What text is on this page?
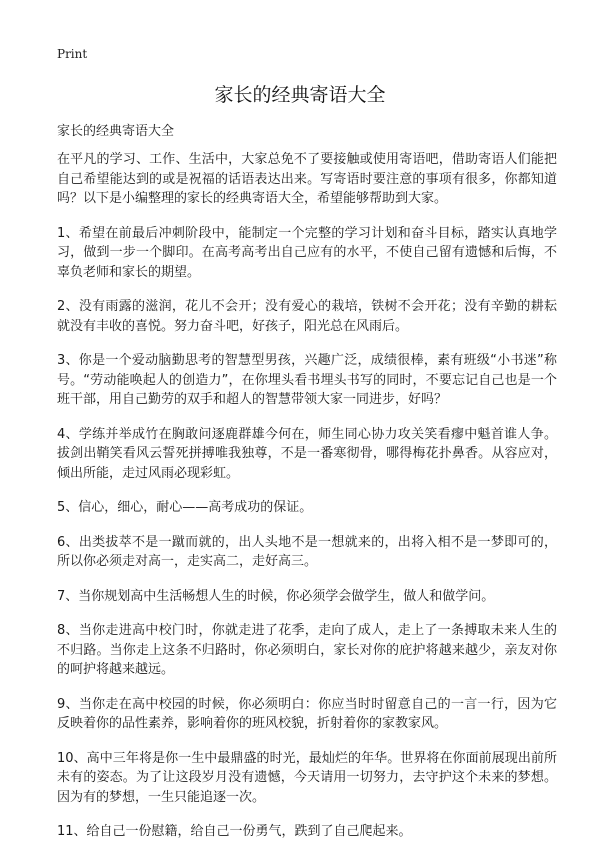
Print
家长的经典寄语大全

家长的经典寄语大全

在平凡的学习、工作、生活中，大家总免不了要接触或使用寄语吧，借助寄语人们能把自己希望能达到的或是祝福的话语表达出来。写寄语时要注意的事项有很多，你都知道吗？以下是小编整理的家长的经典寄语大全，希望能够帮助到大家。

1、希望在前最后冲刺阶段中，能制定一个完整的学习计划和奋斗目标，踏实认真地学习，做到一步一个脚印。在高考高考出自己应有的水平，不使自己留有遗憾和后悔，不辜负老师和家长的期望。

2、没有雨露的滋润，花儿不会开；没有爱心的栽培，铁树不会开花；没有辛勤的耕耘就没有丰收的喜悦。努力奋斗吧，好孩子，阳光总在风雨后。

3、你是一个爱动脑勤思考的智慧型男孩，兴趣广泛，成绩很棒，素有班级“小书迷”称号。“劳动能唤起人的创造力”，在你埋头看书埋头书写的同时，不要忘记自己也是一个班干部，用自己勤劳的双手和超人的智慧带领大家一同进步，好吗？

4、学练并举成竹在胸敢问逐鹿群雄今何在，师生同心协力攻关笑看瘳中魁首谁人争。拔剑出鞘笑看风云誓死拼搏唯我独尊，不是一番寒彻骨，哪得梅花扑鼻香。从容应对，倾出所能，走过风雨必现彩虹。

5、信心，细心，耐心——高考成功的保证。

6、出类拔萃不是一蹴而就的，出人头地不是一想就来的，出将入相不是一梦即可的，所以你必须走对高一，走实高二，走好高三。

7、当你规划高中生活畅想人生的时候，你必须学会做学生，做人和做学问。

8、当你走进高中校门时，你就走进了花季，走向了成人，走上了一条搏取未来人生的不归路。当你走上这条不归路时，你必须明白，家长对你的庇护将越来越少，亲友对你的呵护将越来越远。

9、当你走在高中校园的时候，你必须明白：你应当时时留意自己的一言一行，因为它反映着你的品性素养，影响着你的班风校貌，折射着你的家教家风。

10、高中三年将是你一生中最鼎盛的时光，最灿烂的年华。世界将在你面前展现出前所未有的姿态。为了让这段岁月没有遗憾，今天请用一切努力，去守护这个未来的梦想。因为有的梦想，一生只能追逐一次。

11、给自己一份慰籍，给自己一份勇气，跌到了自己爬起来。
